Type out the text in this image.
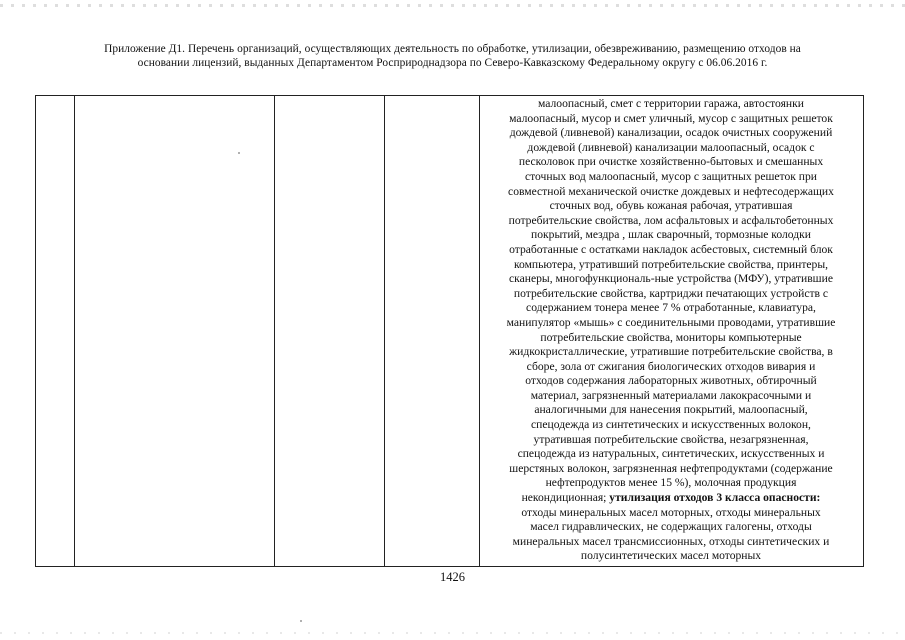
Приложение Д1. Перечень организаций, осуществляющих деятельность по обработке, утилизации, обезвреживанию, размещению отходов на
основании лицензий, выданных Департаментом Росприроднадзора по Северо-Кавказскому Федеральному округу с 06.06.2016 г.
малоопасный, смет с территории гаража, автостоянки
малоопасный, мусор и смет уличный, мусор с защитных решеток
дождевой (ливневой) канализации, осадок очистных сооружений
дождевой (ливневой) канализации малоопасный, осадок с
песколовок при очистке хозяйственно-бытовых и смешанных
сточных вод малоопасный, мусор с защитных решеток при
совместной механической очистке дождевых и нефтесодержащих
сточных вод, обувь кожаная рабочая, утратившая
потребительские свойства, лом асфальтовых и асфальтобетонных
покрытий, мездра , шлак сварочный, тормозные колодки
отработанные с остатками накладок асбестовых, системный блок
компьютера, утративший потребительские свойства, принтеры,
сканеры, многофункциональ-ные устройства (МФУ), утратившие
потребительские свойства, картриджи печатающих устройств с
содержанием тонера менее 7 % отработанные, клавиатура,
манипулятор «мышь» с соединительными проводами, утратившие
потребительские свойства, мониторы компьютерные
жидкокристаллические, утратившие потребительские свойства, в
сборе, зола от сжигания биологических отходов вивария и
отходов содержания лабораторных животных, обтирочный
материал, загрязненный материалами лакокрасочными и
аналогичными для нанесения покрытий, малоопасный,
спецодежда из синтетических и искусственных волокон,
утратившая потребительские свойства, незагрязненная,
спецодежда из натуральных, синтетических, искусственных и
шерстяных волокон, загрязненная нефтепродуктами (содержание
нефтепродуктов менее 15 %), молочная продукция
некондиционная; утилизация отходов 3 класса опасности:
отходы минеральных масел моторных, отходы минеральных
масел гидравлических, не содержащих галогены, отходы
минеральных масел трансмиссионных, отходы синтетических и
полусинтетических масел моторных
1426
